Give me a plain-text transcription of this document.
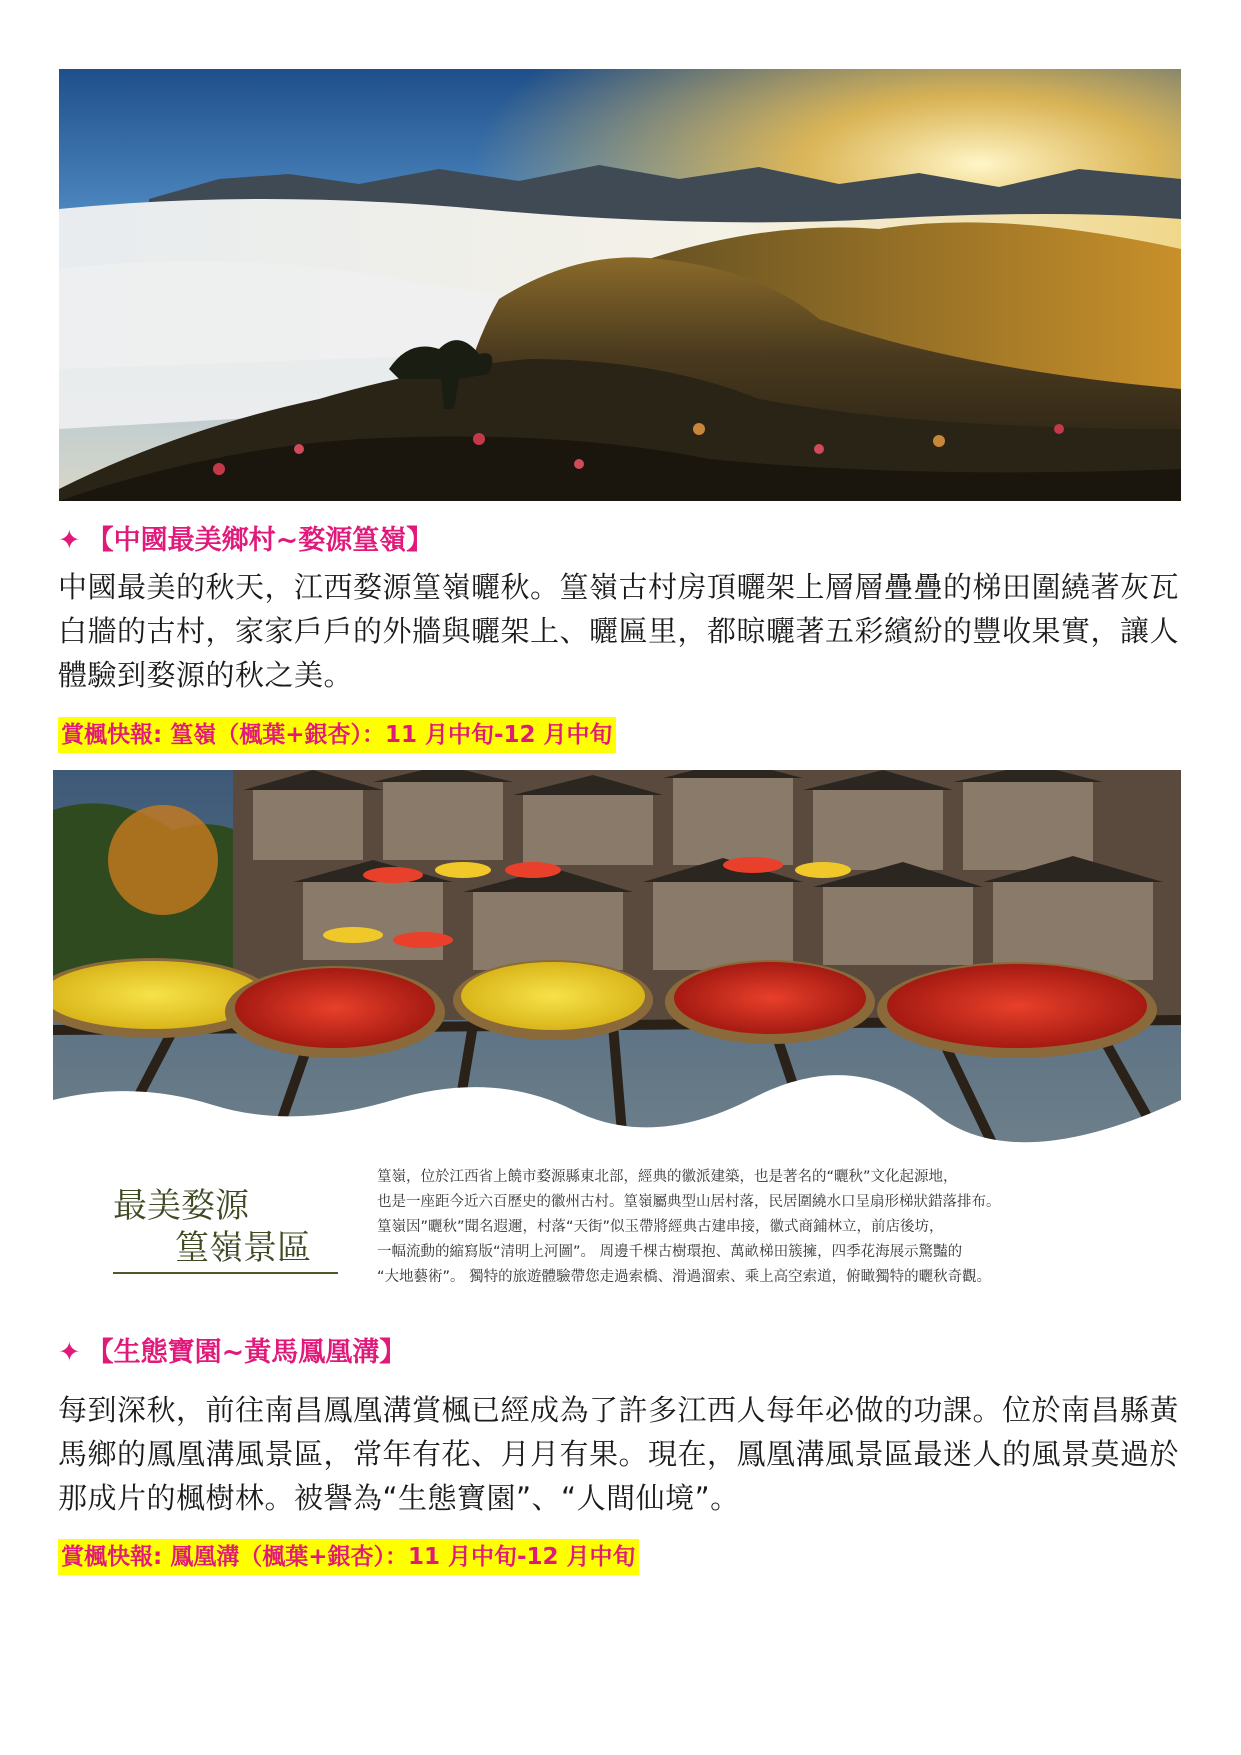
✦ 【中國最美鄉村~婺源篁嶺】
中國最美的秋天，江西婺源篁嶺曬秋。篁嶺古村房頂曬架上層層疊疊的梯田圍繞著灰瓦白牆的古村，家家戶戶的外牆與曬架上、曬匾里，都晾曬著五彩繽紛的豐收果實，讓人體驗到婺源的秋之美。
賞楓快報: 篁嶺（楓葉+銀杏）：11 月中旬-12 月中旬
最美婺源
篁嶺景區

篁嶺，位於江西省上饒市婺源縣東北部，經典的徽派建築，也是著名的“曬秋”文化起源地，

也是一座距今近六百歷史的徽州古村。篁嶺屬典型山居村落，民居圍繞水口呈扇形梯狀錯落排布。

篁嶺因”曬秋”聞名遐邇，村落“天街”似玉帶將經典古建串接，徽式商鋪林立，前店後坊，

一幅流動的縮寫版“清明上河圖”。 周邊千棵古樹環抱、萬畝梯田簇擁，四季花海展示驚豔的

“大地藝術”。 獨特的旅遊體驗帶您走過索橋、滑過溜索、乘上高空索道，俯瞰獨特的曬秋奇觀。

✦ 【生態寶園~黃馬鳳凰溝】
每到深秋，前往南昌鳳凰溝賞楓已經成為了許多江西人每年必做的功課。位於南昌縣黃馬鄉的鳳凰溝風景區，常年有花、月月有果。現在，鳳凰溝風景區最迷人的風景莫過於那成片的楓樹林。被譽為“生態寶園”、“人間仙境”。
賞楓快報: 鳳凰溝（楓葉+銀杏）：11 月中旬-12 月中旬
